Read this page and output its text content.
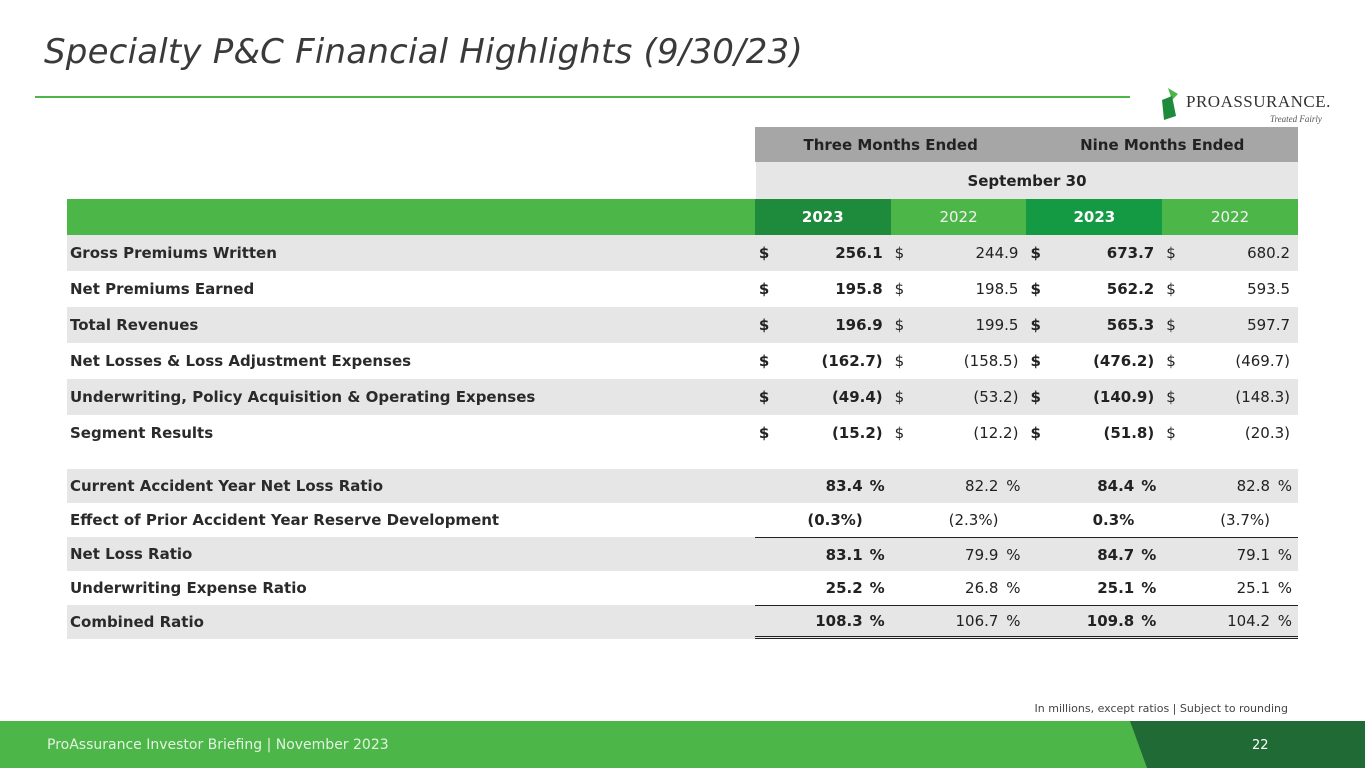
Specialty P&C Financial Highlights (9/30/23)
PROASSURANCE.
Treated Fairly
Three Months Ended	Nine Months Ended
September 30
2023	2022	2023	2022
Gross Premiums Written	$	256.1 $	244.9 $	673.7 $	680.2
Net Premiums Earned	$	195.8 $	198.5 $	562.2 $	593.5
Total Revenues	$	196.9 $	199.5 $	565.3 $	597.7
Net Losses & Loss Adjustment Expenses	$	(162.7) $	(158.5) $	(476.2) $	(469.7)
Underwriting, Policy Acquisition & Operating Expenses	$	(49.4) $	(53.2) $	(140.9) $	(148.3)
Segment Results	$	(15.2) $	(12.2) $	(51.8) $	(20.3)
Current Accident Year Net Loss Ratio	83.4 %	82.2 %	84.4 %	82.8 %
Effect of Prior Accident Year Reserve Development	(0.3%)	(2.3%)	0.3%	(3.7%)
Net Loss Ratio	83.1 %	79.9 %	84.7 %	79.1 %
Underwriting Expense Ratio	25.2 %	26.8 %	25.1 %	25.1 %
Combined Ratio	108.3 %	106.7 %	109.8 %	104.2 %
In millions, except ratios | Subject to rounding
ProAssurance Investor Briefing | November 2023	22
